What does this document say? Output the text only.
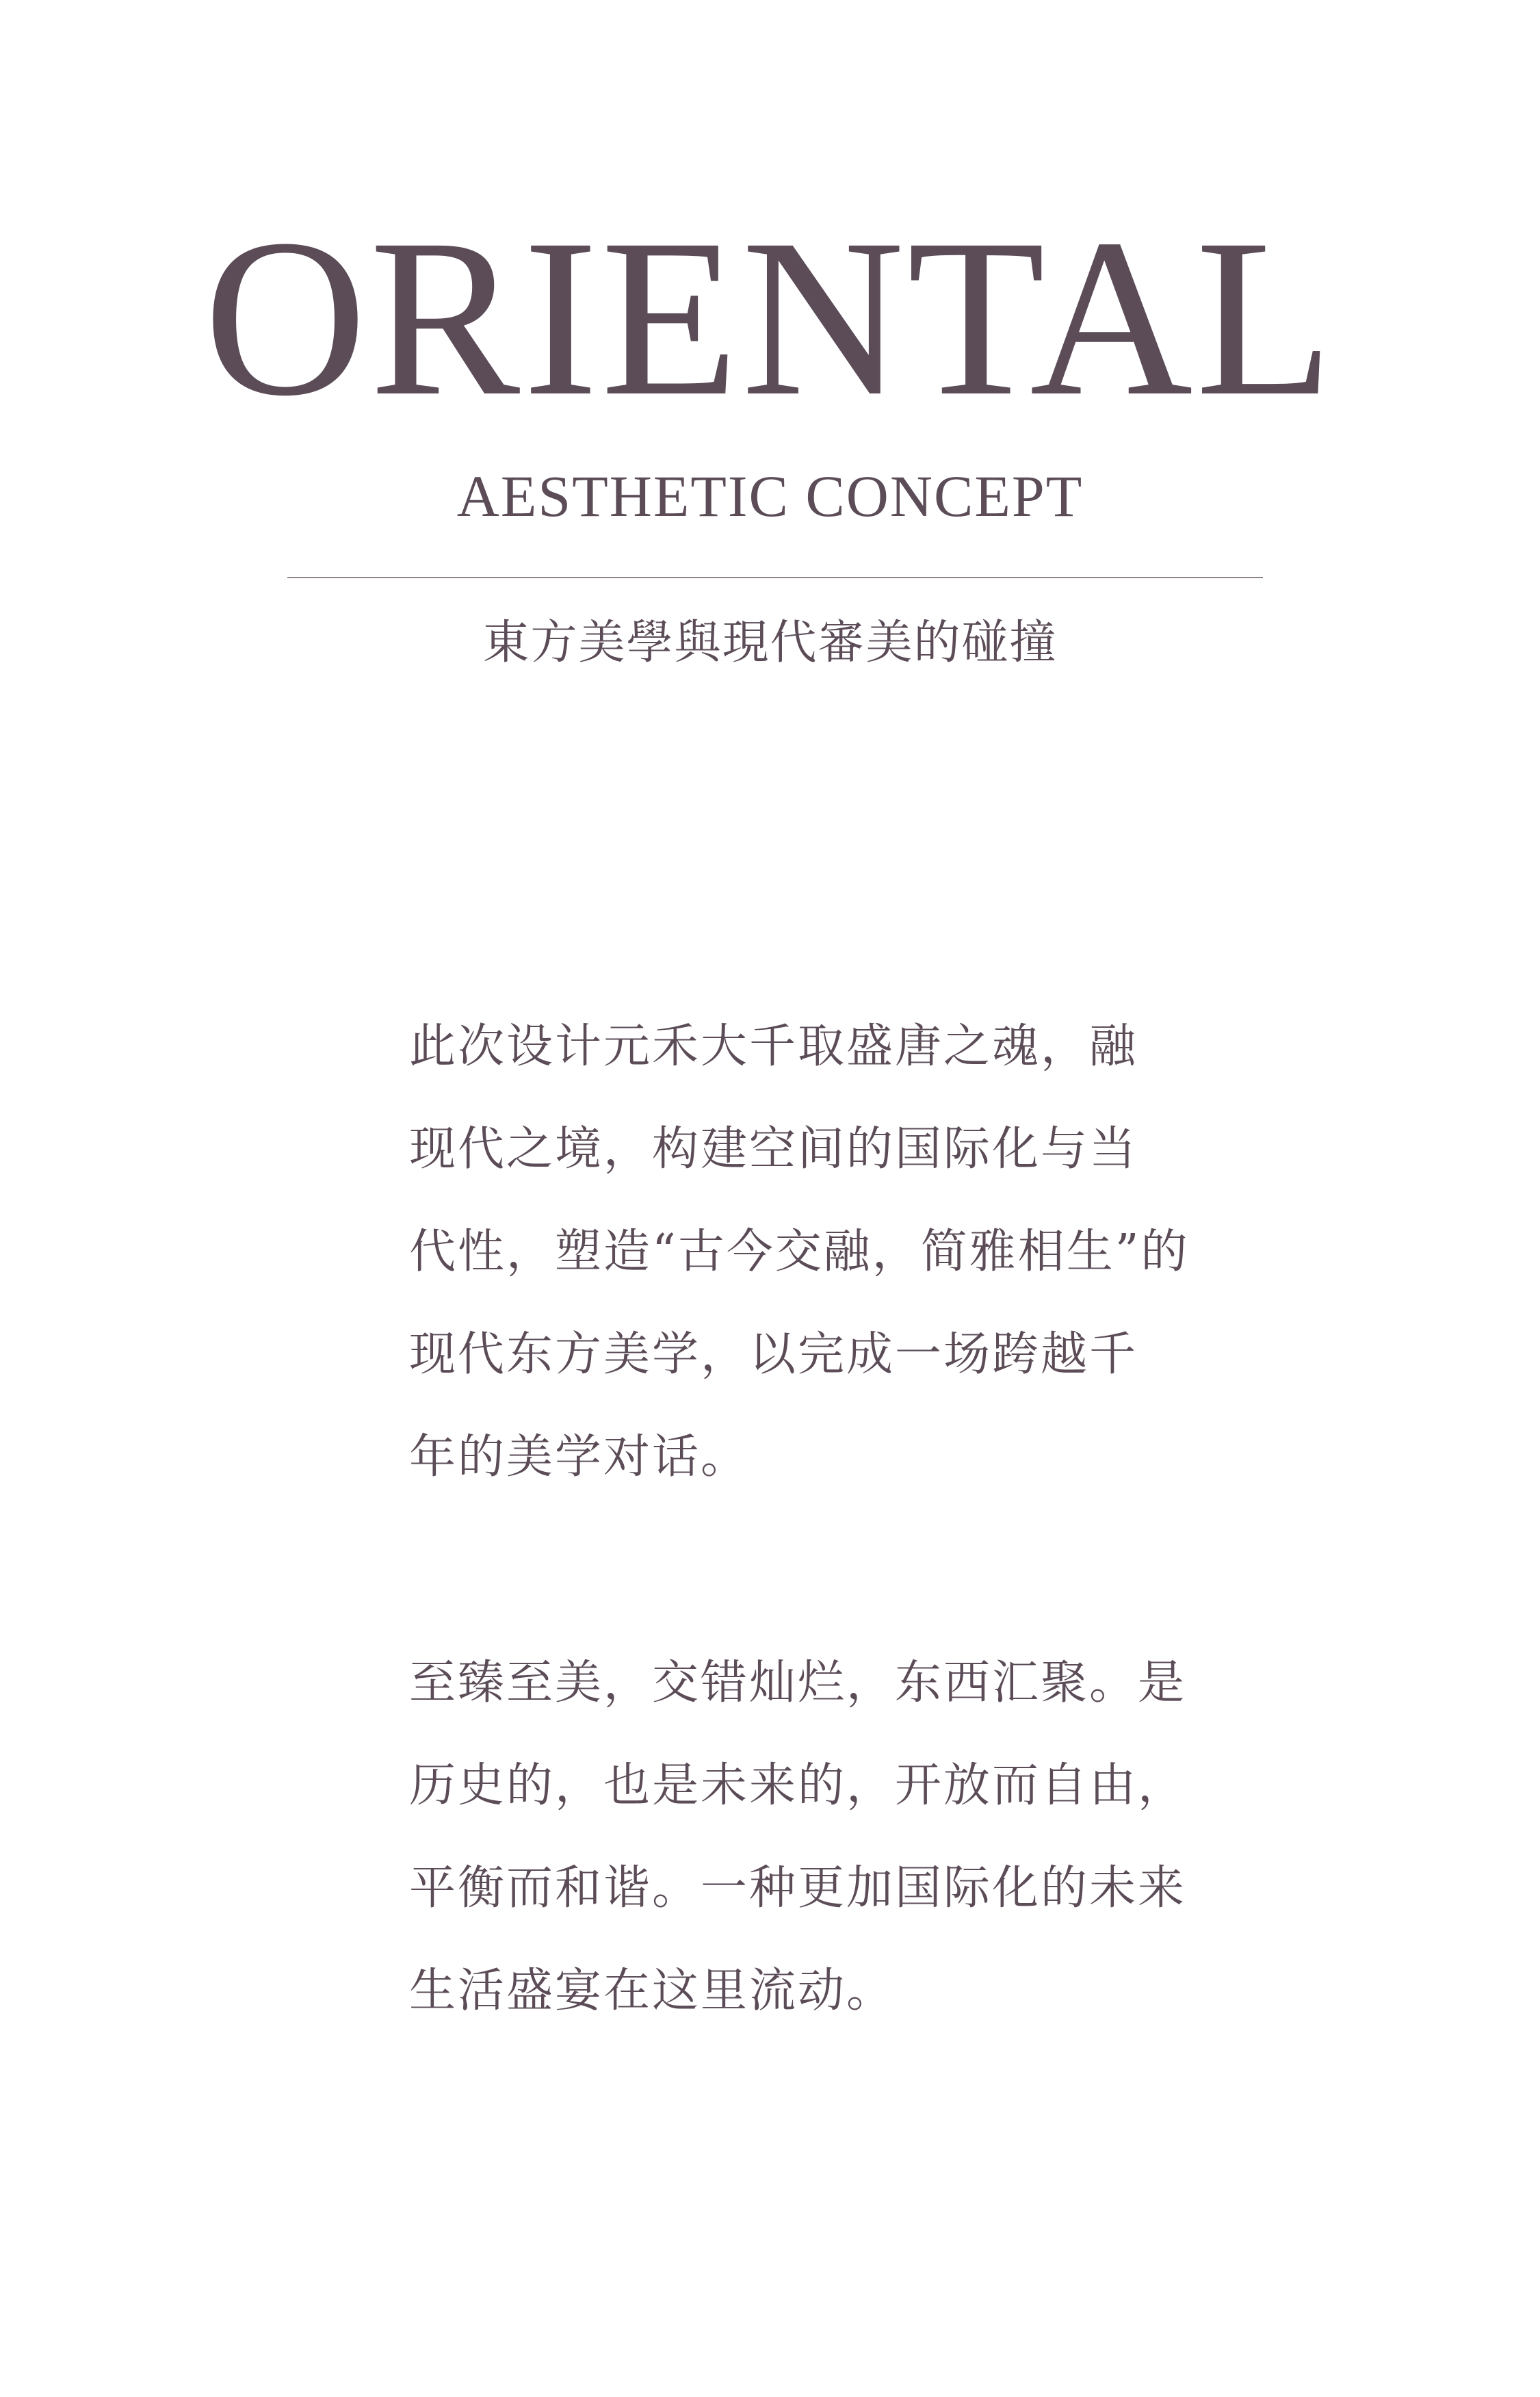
ORIENTAL
AESTHETIC CONCEPT
東方美學與現代審美的碰撞

此次设计元禾大千取盛唐之魂，融
现代之境，构建空间的国际化与当
代性，塑造“古今交融，简雅相生”的
现代东方美学，以完成一场跨越千
年的美学对话。

至臻至美，交错灿烂，东西汇聚。是
历史的，也是未来的，开放而自由，
平衡而和谐。一种更加国际化的未来
生活盛宴在这里流动。
